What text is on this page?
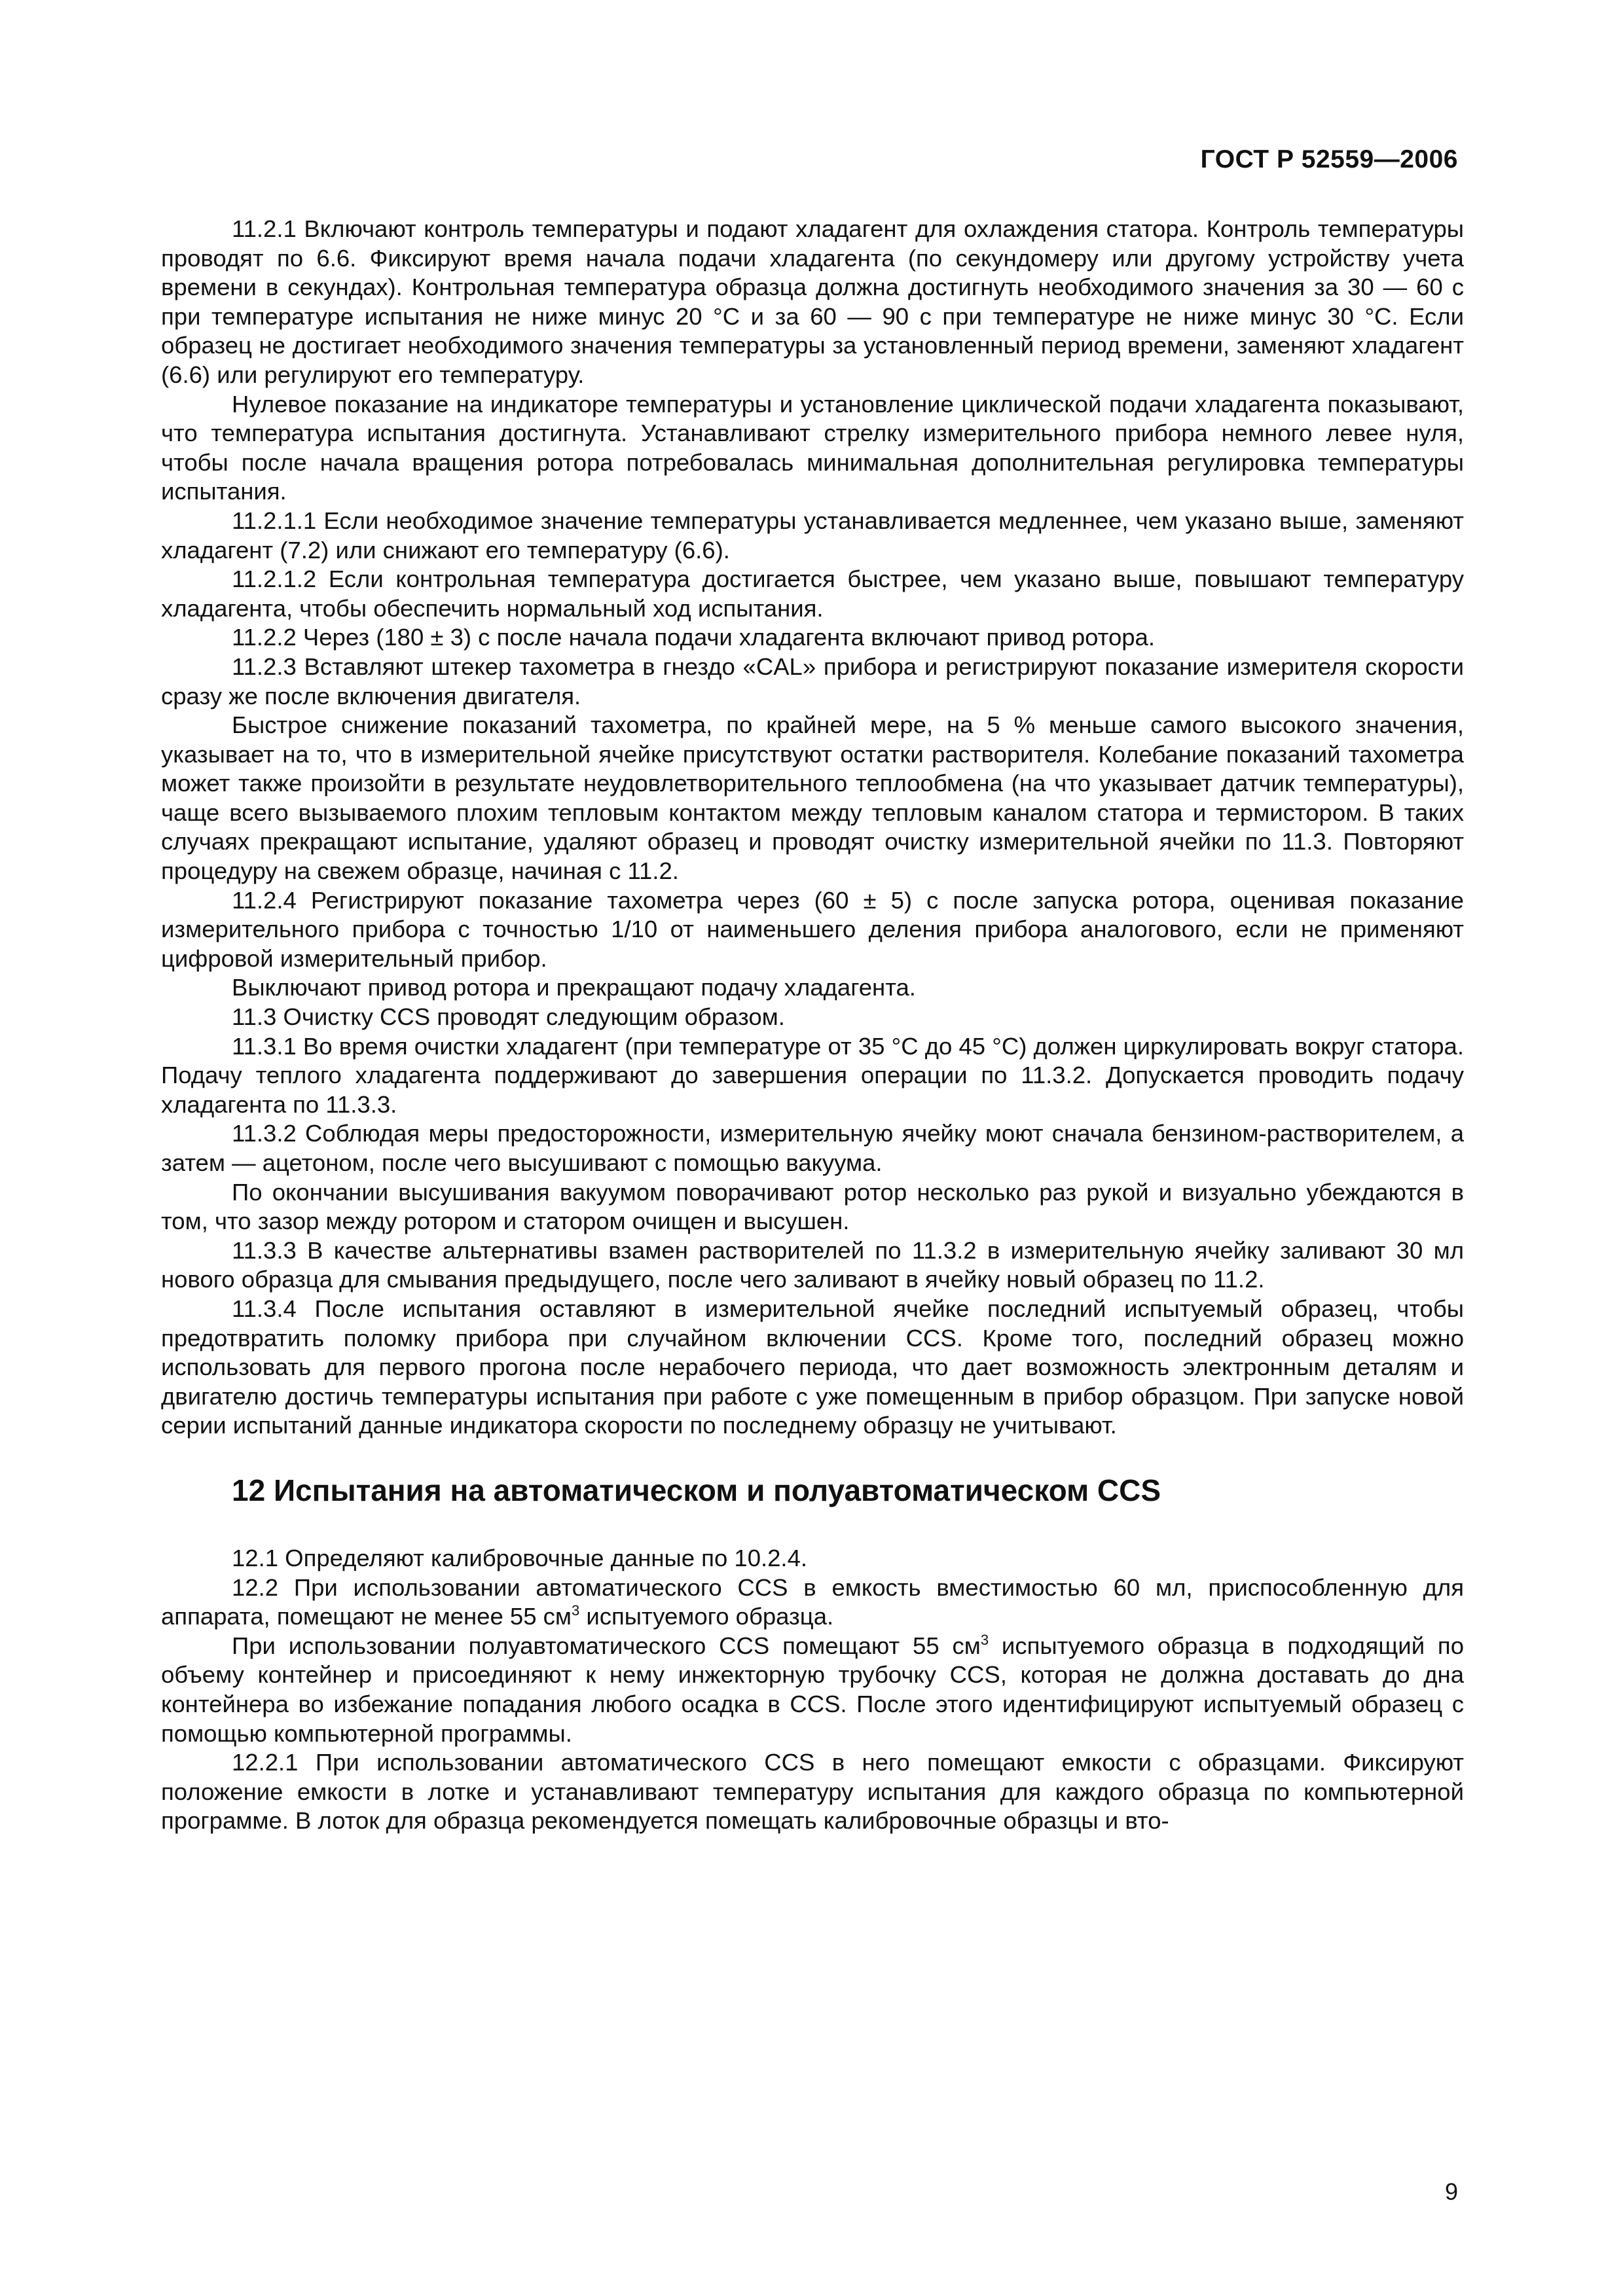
ГОСТ Р 52559—2006

11.2.1 Включают контроль температуры и подают хладагент для охлаждения статора. Контроль температуры проводят по 6.6. Фиксируют время начала подачи хладагента (по секундомеру или другому устройству учета времени в секундах). Контрольная температура образца должна достигнуть необходимого значения за 30 — 60 с при температуре испытания не ниже минус 20 °С и за 60 — 90 с при температуре не ниже минус 30 °С. Если образец не достигает необходимого значения температуры за установленный период времени, заменяют хладагент (6.6) или регулируют его температуру.

Нулевое показание на индикаторе температуры и установление циклической подачи хладагента показывают, что температура испытания достигнута. Устанавливают стрелку измерительного прибора немного левее нуля, чтобы после начала вращения ротора потребовалась минимальная дополнительная регулировка температуры испытания.

11.2.1.1 Если необходимое значение температуры устанавливается медленнее, чем указано выше, заменяют хладагент (7.2) или снижают его температуру (6.6).

11.2.1.2 Если контрольная температура достигается быстрее, чем указано выше, повышают температуру хладагента, чтобы обеспечить нормальный ход испытания.

11.2.2 Через (180 ± 3) с после начала подачи хладагента включают привод ротора.

11.2.3 Вставляют штекер тахометра в гнездо «CAL» прибора и регистрируют показание измерителя скорости сразу же после включения двигателя.

Быстрое снижение показаний тахометра, по крайней мере, на 5 % меньше самого высокого значения, указывает на то, что в измерительной ячейке присутствуют остатки растворителя. Колебание показаний тахометра может также произойти в результате неудовлетворительного теплообмена (на что указывает датчик температуры), чаще всего вызываемого плохим тепловым контактом между тепловым каналом статора и термистором. В таких случаях прекращают испытание, удаляют образец и проводят очистку измерительной ячейки по 11.3. Повторяют процедуру на свежем образце, начиная с 11.2.

11.2.4 Регистрируют показание тахометра через (60 ± 5) с после запуска ротора, оценивая показание измерительного прибора с точностью 1/10 от наименьшего деления прибора аналогового, если не применяют цифровой измерительный прибор.

Выключают привод ротора и прекращают подачу хладагента.

11.3 Очистку CCS проводят следующим образом.

11.3.1 Во время очистки хладагент (при температуре от 35 °С до 45 °С) должен циркулировать вокруг статора. Подачу теплого хладагента поддерживают до завершения операции по 11.3.2. Допускается проводить подачу хладагента по 11.3.3.

11.3.2 Соблюдая меры предосторожности, измерительную ячейку моют сначала бензином-растворителем, а затем — ацетоном, после чего высушивают с помощью вакуума.

По окончании высушивания вакуумом поворачивают ротор несколько раз рукой и визуально убеждаются в том, что зазор между ротором и статором очищен и высушен.

11.3.3 В качестве альтернативы взамен растворителей по 11.3.2 в измерительную ячейку заливают 30 мл нового образца для смывания предыдущего, после чего заливают в ячейку новый образец по 11.2.

11.3.4 После испытания оставляют в измерительной ячейке последний испытуемый образец, чтобы предотвратить поломку прибора при случайном включении CCS. Кроме того, последний образец можно использовать для первого прогона после нерабочего периода, что дает возможность электронным деталям и двигателю достичь температуры испытания при работе с уже помещенным в прибор образцом. При запуске новой серии испытаний данные индикатора скорости по последнему образцу не учитывают.

12 Испытания на автоматическом и полуавтоматическом CCS

12.1 Определяют калибровочные данные по 10.2.4.

12.2 При использовании автоматического CCS в емкость вместимостью 60 мл, приспособленную для аппарата, помещают не менее 55 $см^3$ испытуемого образца.

При использовании полуавтоматического CCS помещают 55 $см^3$ испытуемого образца в подходящий по объему контейнер и присоединяют к нему инжекторную трубочку CCS, которая не должна доставать до дна контейнера во избежание попадания любого осадка в CCS. После этого идентифицируют испытуемый образец с помощью компьютерной программы.

12.2.1 При использовании автоматического CCS в него помещают емкости с образцами. Фиксируют положение емкости в лотке и устанавливают температуру испытания для каждого образца по компьютерной программе. В лоток для образца рекомендуется помещать калибровочные образцы и вто-

9
